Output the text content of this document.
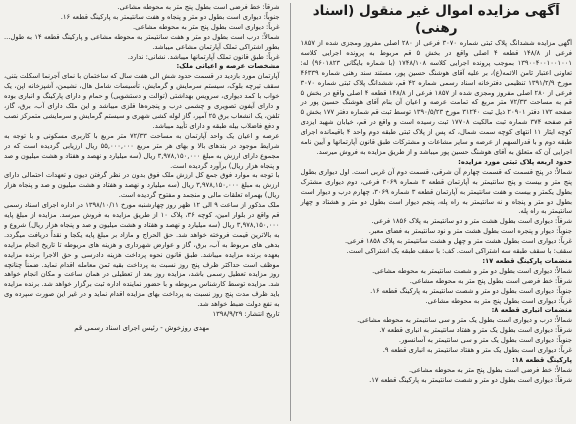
آگهی مزایده اموال غیر منقول (اسناد رهنی)

آگهی مزایده ششدانگ پلاک ثبتی شماره ۳۰۷۰ فرعی از ۲۸۰ اصلی مفروز ومجزی شده از ۱۸۵۷ فرعی از ۱۴۸/۸ قطعه ۴ اصلی واقع در بخش ۵ قم مربوط به پرونده اجرایی کلاسه ۱۳۹۰۰۴۰۰۱۰۰۱۰۰۱ بموجب پرونده اجرایی کلاسه ۱۷۴۸/۱۰۸ (با شماره بایگانی ۹۶۰۱۸۲۳) له: تعاونی اعتبار ثامن الائمه(ع)، بر علیه آقای هوشنگ حسین پور، مستند سند رهنی شماره ۴۶۳۳۹ مورخ ۱۳۹۱/۲/۹ تنظیمی دفترخانه اسناد رسمی شماره ۴۲ قم، ششدانگ پلاک ثبتی شماره ۳۰۷۰ فرعی از ۲۸۰ اصلی مفروز ومجزی شده از ۱۸۵۷ فرعی از ۱۴۸/۸ قطعه ۴ اصلی واقع در بخش ۵ قم به مساحت ۷۲/۳۳ متر مربع که تمامت عرصه و اعیان آن بنام آقای هوشنگ حسین پور در صفحه ۱۷۲ دفتر ۲۰۹۰۱ ذیل ثبت ۳۱۲۴۰ مورخ ۱۳۹۰/۵/۲۳ توسط ثبت قم شماره دفتر ۱۷۷ بخش ۵ قم صفحه ۳۷۴ شماره ثبت مالکیت ۱۷۷۰۸ ثبت رسیده است و واقع در قم، خیابان شهید ایزدی کوچه ایثار ۱۱ انتهای کوچه سمت شمال، که پس از پلاک ثبتی طبقه دوم واحد ۴ باقیمانده اجرای طبقه دوم و با قدرالسهم از عرصه و سایر مشاعات و مشترکات طبق قانون آپارتمانها و آیین نامه اجرایی آن که متعلق به آقای هوشنگ حسین پور میباشد و از طریق مزایده به فروش میرسد.

حدود اربعه پلاک ثبتی مورد مزایده:
شمالاً: در پنج قسمت که قسمت چهارم آن شرقی، قسمت دوم آن غربی است. اول دیواری بطول پنج متر و بیست و پنج سانتیمتر به آپارتمان قطعه ۳ شماره ۳۰۶۹ فرعی، دوم دیواری مشترک بطول یکمتر و بیست و هفت سانتیمتر به آپارتمان قطعه ۳ شماره ۳۰۶۹، چهارم درب و دیوار است بطول دو متر و پنجاه و نه سانتیمتر به راه پله، پنجم دیوار است بطول دو متر و هشتاد و چهار سانتیمتر به راه پله.
شرقاً: دیواری است بطول هشت متر و دو سانتیمتر به پلاک ۱۸۵۶ فرعی.
جنوباً: دیوار و پنجره است بطول هشت متر و نود سانتیمتر به فضای معبر.
غرباً: دیواری است بطول هشت متر و چهل و هشت سانتیمتر به پلاک ۱۸۵۸ فرعی.
سقف: با سقف طبقه سه اشتراکی است. کف: با سقف طبقه یک اشتراکی است.
منضمات پارکینگ قطعه ۱۷:
شمالاً: دیواری است بطول دو متر و شصت سانتیمتر به محوطه مشاعی.
شرقاً: خط فرضی است بطول پنج متر به محوطه مشاعی.
جنوباً: دیواری است بطول دو متر و شصت سانتیمتر به پارکینگ قطعه ۱۶.
غرباً: دیواری است بطول پنج متر به محوطه مشاعی.
منضمات انباری قطعه ۸:
شمالاً: درب و دیواری است بطول یک متر و سی سانتیمتر به محوطه مشاعی.
شرقاً: دیواری است بطول یک متر و هفتاد سانتیمتر به انباری قطعه ۷.
جنوباً: دیواری است بطول یک متر و سی سانتیمتر به آسانسور.
غرباً: دیواری است بطول یک متر و هفتاد سانتیمتر به انباری قطعه ۹.
پارکینگ قطعه ۱۸:
شمالاً: خط فرضی است بطول پنج متر به محوطه مشاعی.
شرقاً: دیواری است بطول دو متر و شصت سانتیمتر به پارکینگ قطعه ۱۷.
شرقاً: خط فرضی است بطول پنج متر به محوطه مشاعی.
جنوباً: دیواری است بطول دو متر و پنجاه و هفت سانتیمتر به پارکینگ قطعه ۱۶.
غرباً: دیواری است بطول پنج متر به محوطه مشاعی.
شمالاً: درب است بطول دو متر و هفت سانتیمتر به محوطه مشاعی و پارکینگ قطعه ۱۴ به طول... بطور اشتراکی تملک آپارتمان مشاعی میباشد.
غرباً: طبق قانون تملک آپارتمانها میباشد. نشانی: ندارد.
مشخصات عرصه و اعیانی ملک:

آپارتمان مورد بازدید در قسمت حدود شش الی هفت سال که ساختمان با نمای آجرنما اسکلت بتنی، سقف تیرچه بلوک، سیستم سرمایش و گرمایش، تأسیسات شامل هال، نشیمن، آشپزخانه اپن، یک خواب با کمد دیواری، سرویس بهداشتی (توالت و دستشویی) و حمام و دارای پارکینگ و انباری بوده و دارای آیفون تصویری و چشمی درب و پنجره‌ها فلزی میباشد و این ملک دارای آب، برق، گاز، تلفن، یک انشعاب برق ۲۵ آمپر، گاز لوله کشی شهری و سیستم گرمایش و سرمایشی متمرکز نصب و دفع فاضلاب بیله طبقه و دارای تأیید میباشد.

عرصه و اعیان یک واحد آپارتمان به مساحت ۷۲/۳۳ متر مربع با کاربری مسکونی و با توجه به شرایط موجود در بندهای بالا و بهای هر متر مربع ۵۵,۰۰۰,۰۰۰ ریال ارزیابی گردیده است که در مجموع دارای ارزش به مبلغ ۳,۹۷۸,۱۵۰,۰۰۰ ریال (سه میلیارد و نهصد و هفتاد و هشت میلیون و صد و پنجاه هزار ریال) برآورد گردیده است.

با توجه به موارد فوق جمع کل ارزش ملک فوق بدون در نظر گرفتن دیون و تعهدات احتمالی دارای ارزش به مبلغ ۳,۹۷۸,۱۵۰,۰۰۰ ریال (سه میلیارد و نهصد و هفتاد و هشت میلیون و صد و پنجاه هزار ریال) بهمراه تعلقات مالی و منجمد و مفتوح گردیده است.

ملک مذکور از ساعت ۹ الی ۱۲ ظهر روز چهارشنبه مورخ ۱۳۹۸/۱۰/۱۱ در اداره اجرای اسناد رسمی قم واقع در بلوار امین، کوچه ۳۶، پلاک ۱۰ از طریق مزایده به فروش میرسد. مزایده از مبلغ پایه ۳,۹۷۸,۱۵۰,۰۰۰ ریال (سه میلیارد و نهصد و هفتاد و هشت میلیون و صد و پنجاه هزار ریال) شروع و به بالاترین قیمت فروخته خواهد شد. حق الحراج و مازاد بر مبلغ پایه یکجا و نقداً دریافت میگردد. بدهی های مربوط به آب، برق، گاز و عوارض شهرداری و هزینه های مربوطه تا تاریخ انجام مزایده بعهده برنده مزایده میباشد. طبق قانون نحوه پرداخت هزینه دادرسی و حق الاجرا برنده مزایده موظف است حداکثر ظرف پنج روز نسبت به پرداخت بقیه ثمن معامله اقدام نماید. ضمناً چنانچه روز مزایده تعطیل رسمی باشد، مزایده روز بعد از تعطیلی در همان ساعت و مکان انجام خواهد شد. مزایده توسط کارشناس مربوطه و با حضور نماینده اداره ثبت برگزار خواهد شد. برنده مزایده باید ظرف مدت پنج روز نسبت به پرداخت بهای مزایده اقدام نماید و در غیر این صورت سپرده وی به نفع دولت ضبط خواهد شد.

تاریخ انتشار: ۱۳۹۸/۹/۲۹

مهدی روزخوش - رئیس اجرای اسناد رسمی قم
